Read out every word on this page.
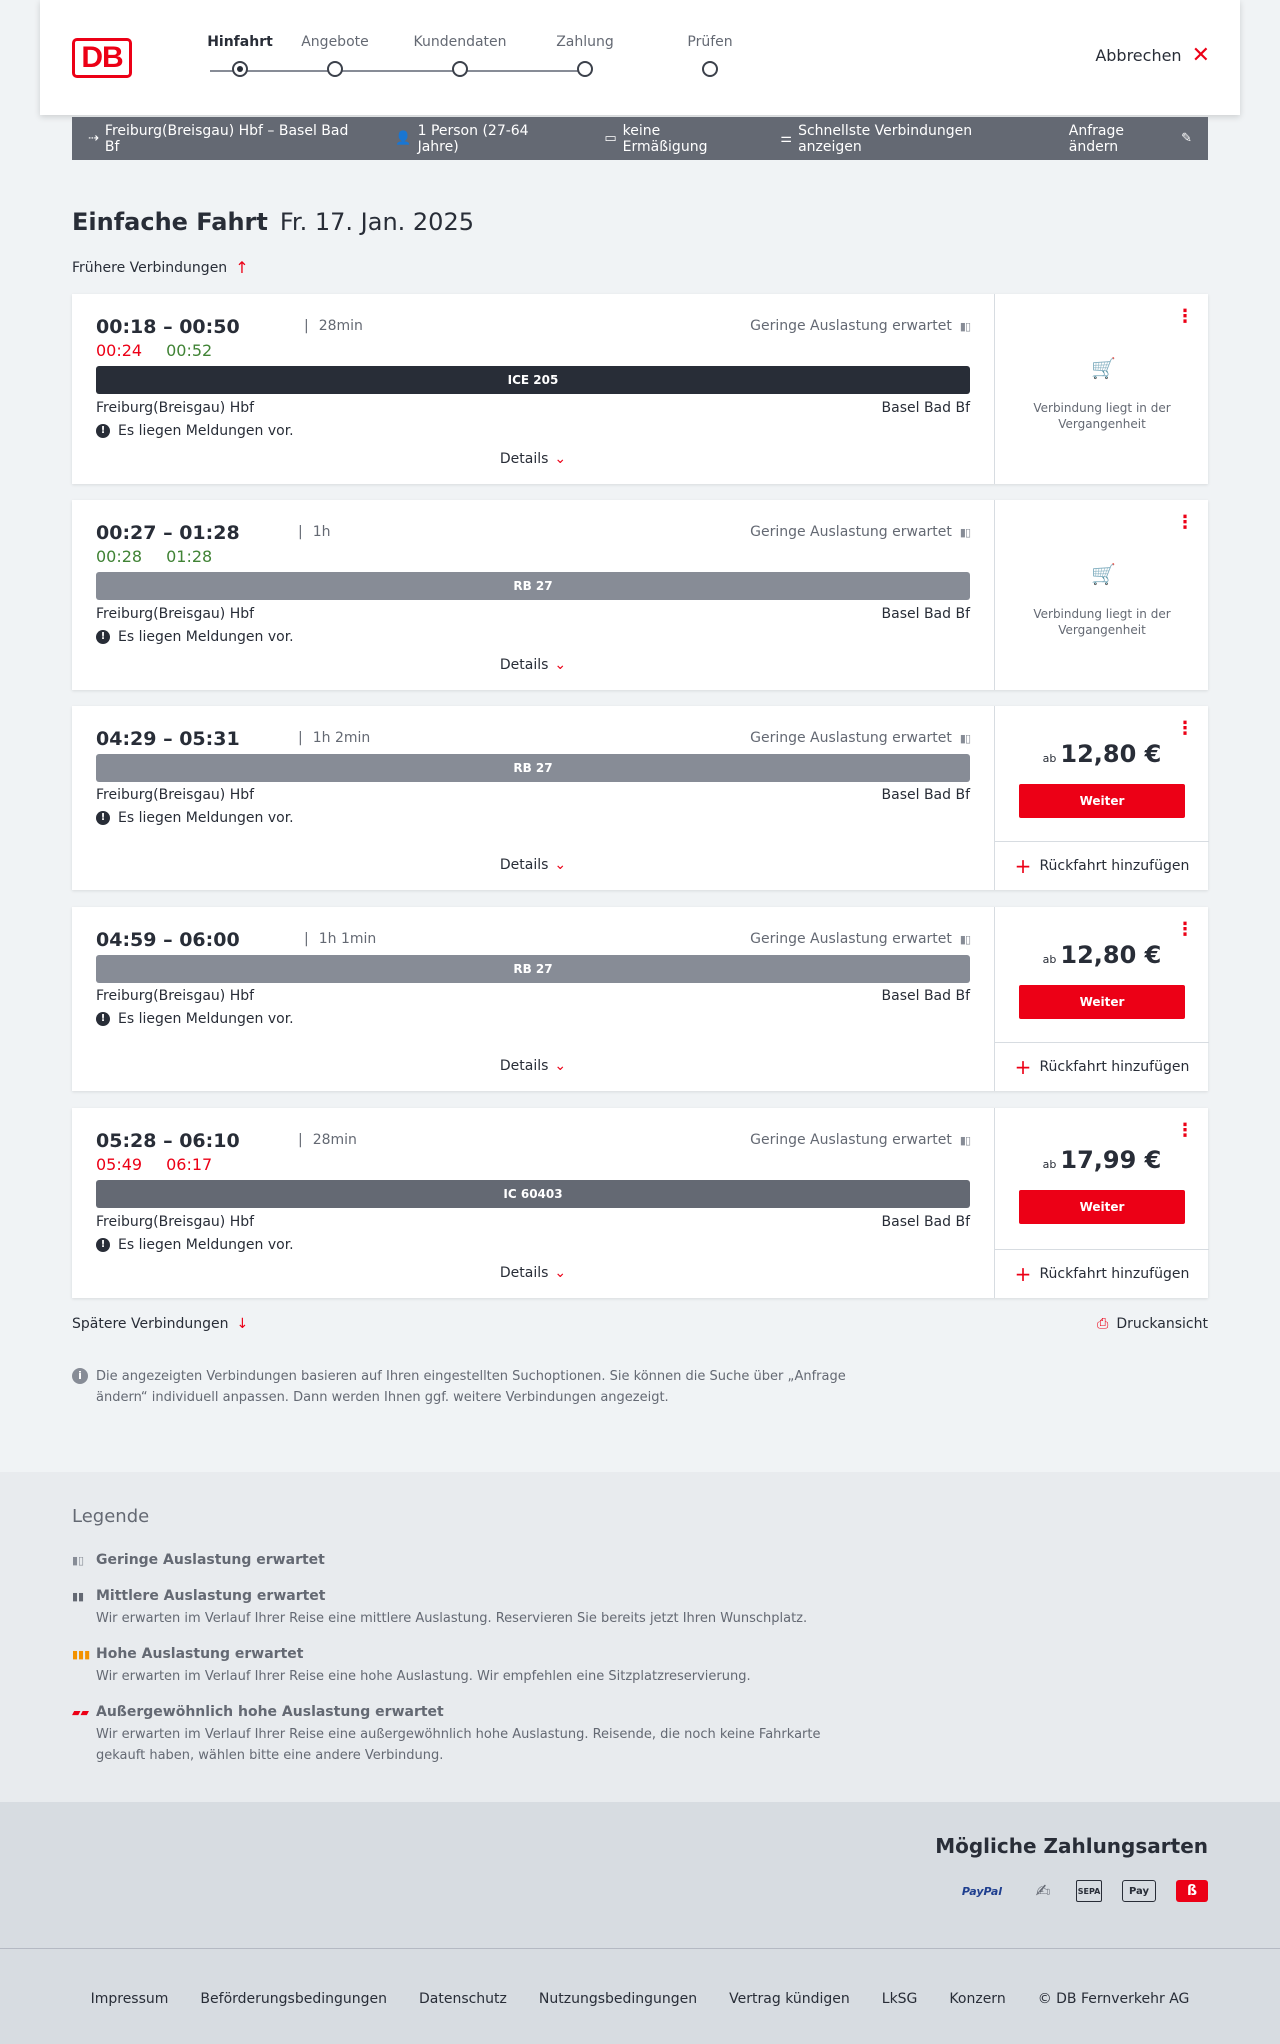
DB	Hinfahrt	Angebote	Kundendaten	Zahlung	Prüfen
Abbrechen ✕
⇢ Freiburg(Breisgau) Hbf – Basel Bad Bf	👤 1 Person (27-64 Jahre)	▭ keine Ermäßigung	⚌ Schnellste Verbindungen anzeigen
Anfrage ändern	✎
Einfache Fahrt Fr. 17. Jan. 2025
Frühere Verbindungen ↑
00:18 – 00:50	| 28min
00:24 00:52
Geringe Auslastung erwartet ▮▯
ICE 205
Freiburg(Breisgau) Hbf	Basel Bad Bf
! Es liegen Meldungen vor.
Details ⌄
⋮
🛒
Verbindung liegt in der Vergangenheit
00:27 – 01:28	| 1h
00:28 01:28
Geringe Auslastung erwartet ▮▯
RB 27
Freiburg(Breisgau) Hbf	Basel Bad Bf
! Es liegen Meldungen vor.
Details ⌄
⋮
🛒
Verbindung liegt in der Vergangenheit
04:29 – 05:31	| 1h 2min	Geringe Auslastung erwartet ▮▯
RB 27
Freiburg(Breisgau) Hbf	Basel Bad Bf
! Es liegen Meldungen vor.
Details ⌄
⋮
ab 12,80 €
Weiter
+ Rückfahrt hinzufügen
04:59 – 06:00	| 1h 1min	Geringe Auslastung erwartet ▮▯
RB 27
Freiburg(Breisgau) Hbf	Basel Bad Bf
! Es liegen Meldungen vor.
Details ⌄
⋮
ab 12,80 €
Weiter
+ Rückfahrt hinzufügen
05:28 – 06:10	| 28min
05:49 06:17
Geringe Auslastung erwartet ▮▯
IC 60403
Freiburg(Breisgau) Hbf	Basel Bad Bf
! Es liegen Meldungen vor.
Details ⌄
⋮
ab 17,99 €
Weiter
+ Rückfahrt hinzufügen
Spätere Verbindungen ↓	⎙ Druckansicht
i	Die angezeigten Verbindungen basieren auf Ihren eingestellten Suchoptionen. Sie können die Suche über „Anfrage ändern“ individuell anpassen. Dann werden Ihnen ggf. weitere Verbindungen angezeigt.
Legende
▮▯ Geringe Auslastung erwartet
▮▮ Mittlere Auslastung erwartet
Wir erwarten im Verlauf Ihrer Reise eine mittlere Auslastung. Reservieren Sie bereits jetzt Ihren Wunschplatz.
▮▮▮ Hohe Auslastung erwartet
Wir erwarten im Verlauf Ihrer Reise eine hohe Auslastung. Wir empfehlen eine Sitzplatzreservierung.
▰▰ Außergewöhnlich hohe Auslastung erwartet
Wir erwarten im Verlauf Ihrer Reise eine außergewöhnlich hohe Auslastung. Reisende, die noch keine Fahrkarte gekauft haben, wählen bitte eine andere Verbindung.
Mögliche Zahlungsarten
PayPal	✍	SEPA	Pay	ß
Impressum Beförderungsbedingungen Datenschutz Nutzungsbedingungen Vertrag kündigen LkSG Konzern © DB Fernverkehr AG
